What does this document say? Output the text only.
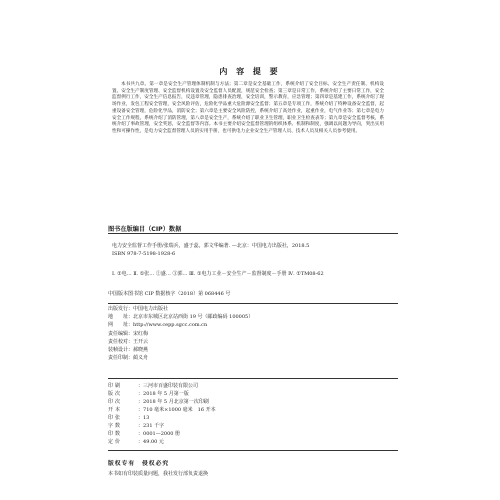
内 容 提 要
本书共九章。第一章是安全生产管理体制机制与方法；第二章是安全基础工作，系统介绍了安全目标、安全生产责任制、机构设置、安全生产制度管理、安全监督机构设置及安全监督人员配置，规范安全检查；第三章是日常工作，系统介绍了主要日常工作，安全监督例行工作，安全生产信息报告，反违章管理，隐患排查治理，安全培训，警示教育，应急管理；第四章是基建工作，系统介绍了现场作业，发包工程安全管理，安全风险评估，危险化学品重大危险源安全监督；第五章是专项工作，系统介绍了特种设备安全监督，起重设备安全管理，危险化学品，消防安全；第六章是主要安全风险防控，系统介绍了高处作业，起重作业，电气作业等；第七章是电力安全工作规程，系统介绍了消防管理，第八章是安全生产，系统介绍了职业卫生管理，职业卫生检查表等；第九章是安全监督考核，系统介绍了事故管理，安全奖惩，安全监督等内容。本书主要介绍安全监督管理的组织体系、机制和制度，强调以问题为导向，突出实用性和可操作性，是电力安全监督管理人员的实用手册，也可供电力企业安全生产管理人员、技术人员及相关人员参考使用。
图书在版编目（CIP）数据
电力安全监督工作手册/张瑞兵，盛于蕊，郭文华编著. —北京：中国电力出版社，2018.5
ISBN 978-7-5198-1928-6
Ⅰ. ①电… Ⅱ. ①张… ②盛… ③郭… Ⅲ. ①电力工业－安全生产－监督制度－手册 Ⅳ. ①TM08-62
中国版本图书馆 CIP 数据核字（2018）第 068446 号
出版发行：中国电力出版社
地　　址：北京市东城区北京站西街 19 号（邮政编码 100005）
网　　址：http://www.cepp.sgcc.com.cn
责任编辑：宋红梅
责任校对：王开云
装帧设计：郝晓燕
责任印制：蔺义舟
印刷	：三河市百盛印装有限公司
版次	：2018 年 5 月第一版
印次	：2018 年 5 月北京第一次印刷
开本	：710 毫米×1000 毫米　16 开本
印张	：13
字数	：231 千字
印数	：0001—2000 册
定价	：49.00 元
版权专有　侵权必究
本书如有印装质量问题，我社发行部负责退换
